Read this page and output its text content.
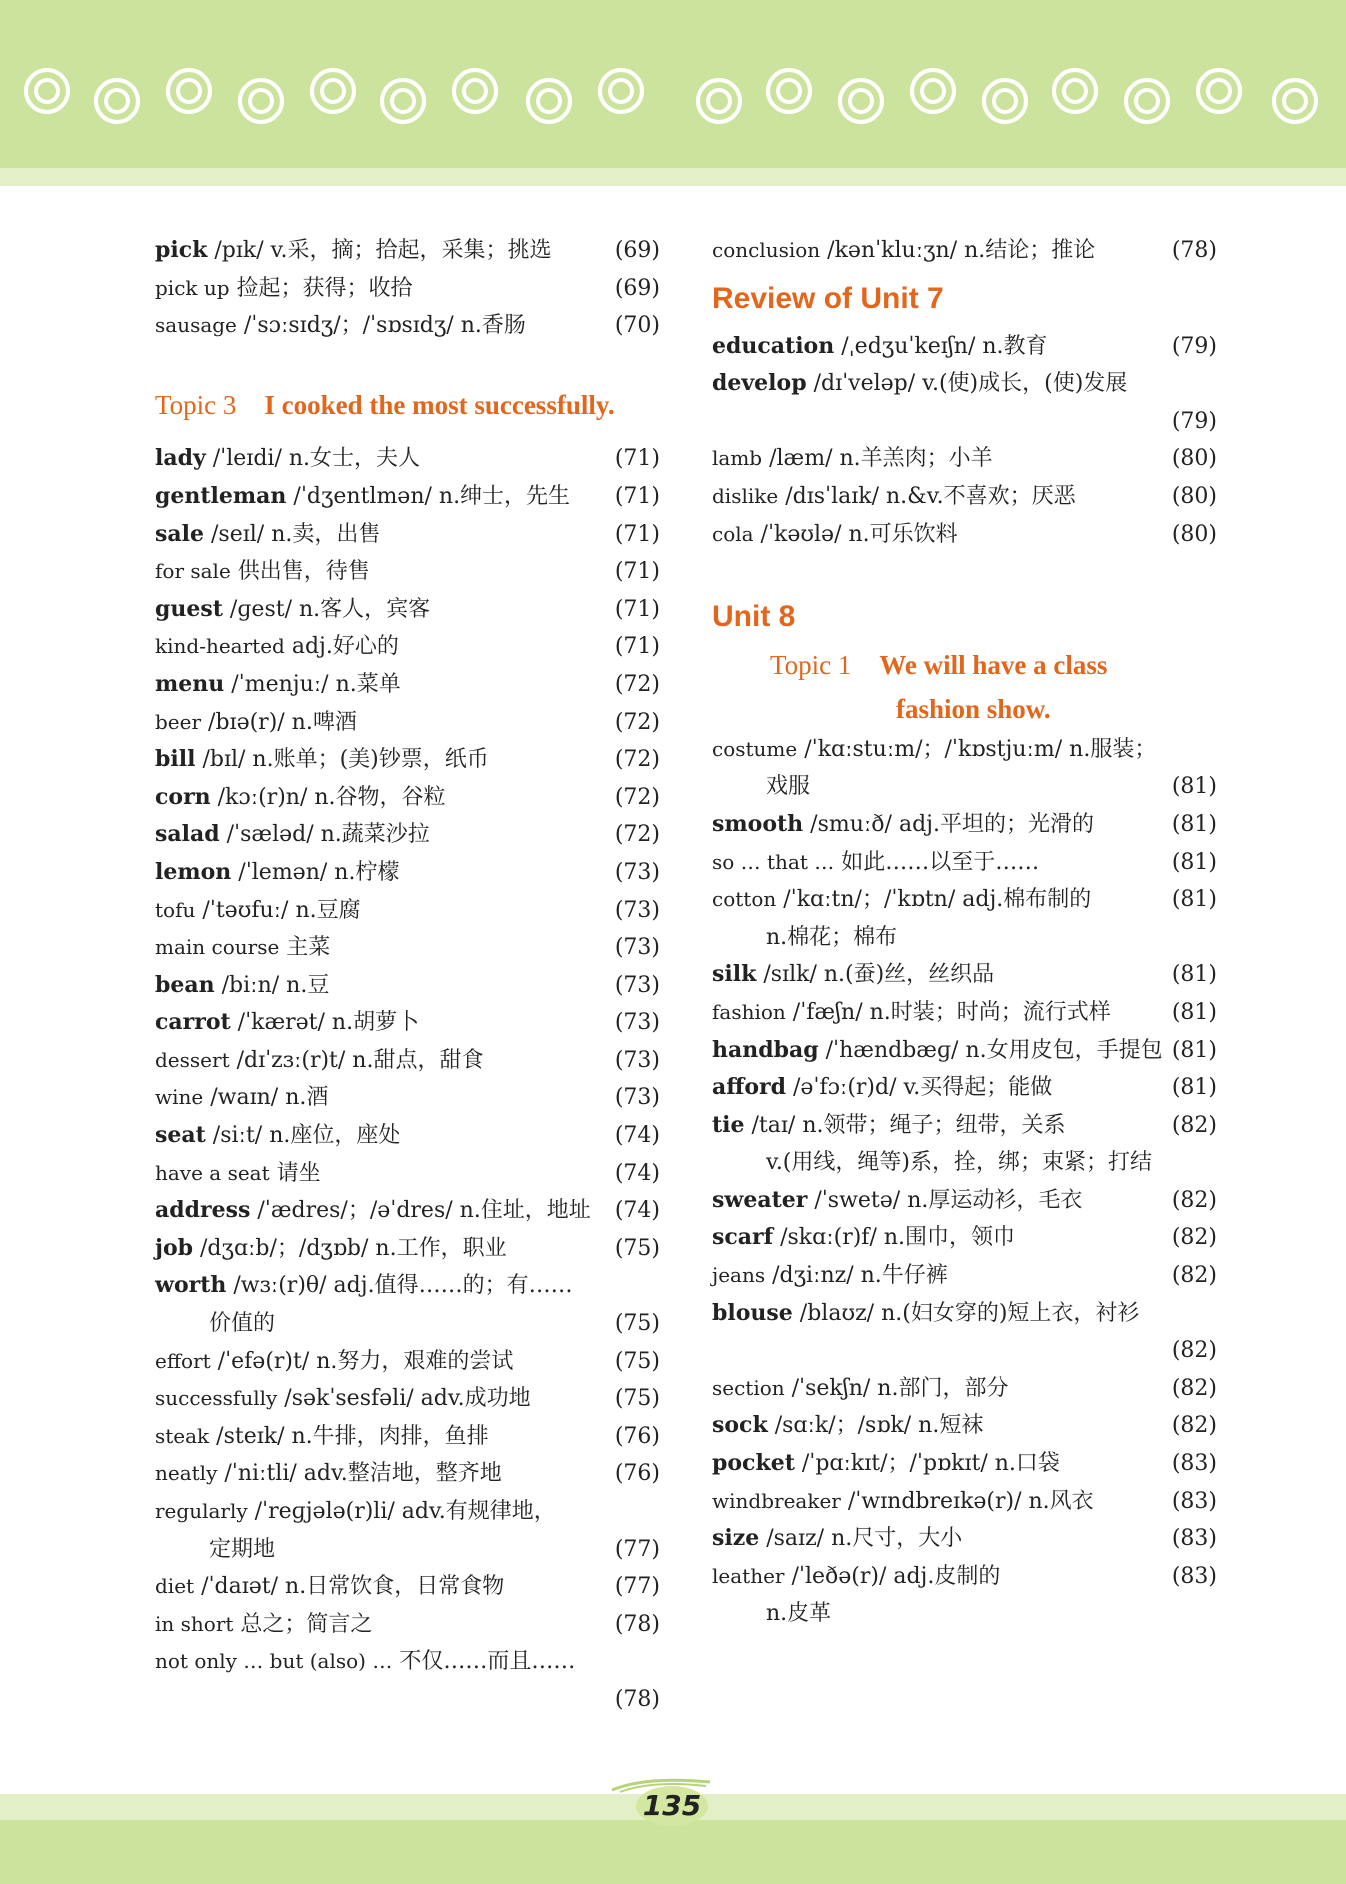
pick /pɪk/ v.采，摘；拾起，采集；挑选	(69)
pick up 捡起；获得；收拾	(69)
sausage /ˈsɔːsɪdʒ/；/ˈsɒsɪdʒ/ n.香肠	(70)
Topic 3 I cooked the most successfully.
lady /ˈleɪdi/ n.女士，夫人	(71)
gentleman /ˈdʒentlmən/ n.绅士，先生 (71)
sale /seɪl/ n.卖，出售	(71)
for sale 供出售，待售	(71)
guest /ɡest/ n.客人，宾客	(71)
kind-hearted adj.好心的	(71)
menu /ˈmenjuː/ n.菜单	(72)
beer /bɪə(r)/ n.啤酒	(72)
bill /bɪl/ n.账单；(美)钞票，纸币	(72)
corn /kɔː(r)n/ n.谷物，谷粒	(72)
salad /ˈsæləd/ n.蔬菜沙拉	(72)
lemon /ˈlemən/ n.柠檬	(73)
tofu /ˈtəʊfuː/ n.豆腐	(73)
main course 主菜	(73)
bean /biːn/ n.豆	(73)
carrot /ˈkærət/ n.胡萝卜	(73)
dessert /dɪˈzɜː(r)t/ n.甜点，甜食	(73)
wine /waɪn/ n.酒	(73)
seat /siːt/ n.座位，座处	(74)
have a seat 请坐	(74)
address /ˈædres/；/əˈdres/ n.住址，地址 (74)
job /dʒɑːb/；/dʒɒb/ n.工作，职业	(75)
worth /wɜː(r)θ/ adj.值得……的；有……
价值的	(75)
effort /ˈefə(r)t/ n.努力，艰难的尝试	(75)
successfully /səkˈsesfəli/ adv.成功地	(75)
steak /steɪk/ n.牛排，肉排，鱼排	(76)
neatly /ˈniːtli/ adv.整洁地，整齐地	(76)
regularly /ˈreɡjələ(r)li/ adv.有规律地，
定期地	(77)
diet /ˈdaɪət/ n.日常饮食，日常食物	(77)
in short 总之；简言之	(78)
not only … but (also) … 不仅……而且……
(78)
conclusion /kənˈkluːʒn/ n.结论；推论	(78)
Review of Unit 7
education /ˌedʒuˈkeɪʃn/ n.教育	(79)
develop /dɪˈveləp/ v.(使)成长，(使)发展
(79)
lamb /læm/ n.羊羔肉；小羊	(80)
dislike /dɪsˈlaɪk/ n.&v.不喜欢；厌恶	(80)
cola /ˈkəʊlə/ n.可乐饮料	(80)
Unit 8
Topic 1 We will have a class
fashion show.
costume /ˈkɑːstuːm/；/ˈkɒstjuːm/ n.服装；
戏服	(81)
smooth /smuːð/ adj.平坦的；光滑的	(81)
so … that … 如此……以至于……	(81)
cotton /ˈkɑːtn/；/ˈkɒtn/ adj.棉布制的	(81)
n.棉花；棉布
silk /sɪlk/ n.(蚕)丝，丝织品	(81)
fashion /ˈfæʃn/ n.时装；时尚；流行式样	(81)
handbag /ˈhændbæɡ/ n.女用皮包，手提包 (81)
afford /əˈfɔː(r)d/ v.买得起；能做	(81)
tie /taɪ/ n.领带；绳子；纽带，关系	(82)
v.(用线，绳等)系，拴，绑；束紧；打结
sweater /ˈswetə/ n.厚运动衫，毛衣	(82)
scarf /skɑː(r)f/ n.围巾，领巾	(82)
jeans /dʒiːnz/ n.牛仔裤	(82)
blouse /blaʊz/ n.(妇女穿的)短上衣，衬衫
(82)
section /ˈsekʃn/ n.部门，部分	(82)
sock /sɑːk/；/sɒk/ n.短袜	(82)
pocket /ˈpɑːkɪt/；/ˈpɒkɪt/ n.口袋	(83)
windbreaker /ˈwɪndbreɪkə(r)/ n.风衣	(83)
size /saɪz/ n.尺寸，大小	(83)
leather /ˈleðə(r)/ adj.皮制的	(83)
n.皮革
135
